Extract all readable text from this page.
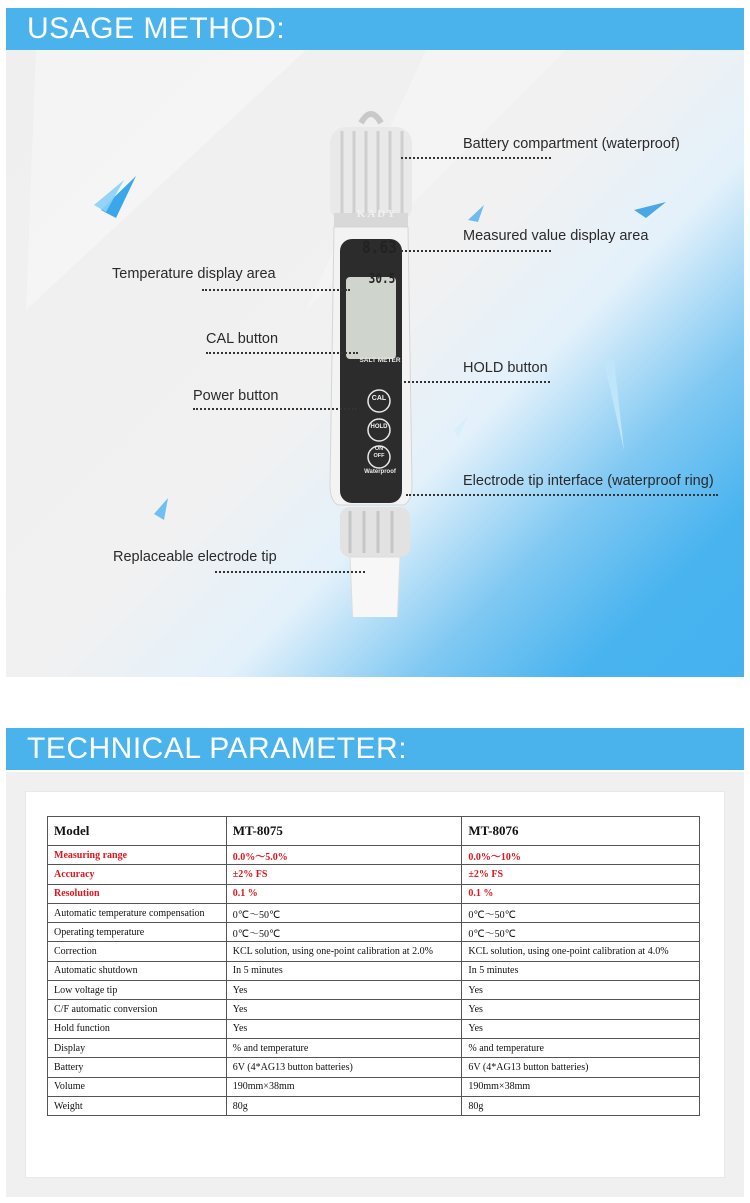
USAGE METHOD:
KADY
8.63
30.5
SALT METER
CAL
HOLD
ON
OFF
Waterproof
Battery compartment (waterproof)
Measured value display area
Temperature display area
CAL button
HOLD button
Power button
Electrode tip interface (waterproof ring)
Replaceable electrode tip
TECHNICAL PARAMETER:
Model	MT-8075	MT-8076
Measuring range	0.0%～5.0%	0.0%～10%
Accuracy	±2% FS	±2% FS
Resolution	0.1 %	0.1 %
Automatic temperature compensation	0℃～50℃	0℃～50℃
Operating temperature	0℃～50℃	0℃～50℃
Correction	KCL solution, using one-point calibration at 2.0%	KCL solution, using one-point calibration at 4.0%
Automatic shutdown	In 5 minutes	In 5 minutes
Low voltage tip	Yes	Yes
C/F automatic conversion	Yes	Yes
Hold function	Yes	Yes
Display	% and temperature	% and temperature
Battery	6V (4*AG13 button batteries)	6V (4*AG13 button batteries)
Volume	190mm×38mm	190mm×38mm
Weight	80g	80g
